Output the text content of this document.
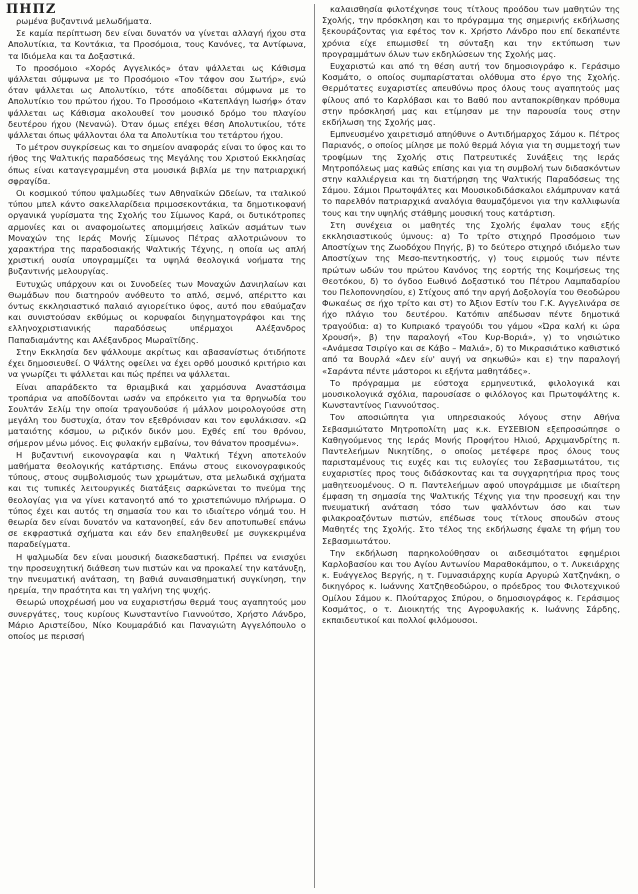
ΠΗΠΖ

ρωμένα βυζαντινά μελωδήματα.

Σε καμία περίπτωση δεν είναι δυνατόν να γίνεται αλλαγή ήχου στα Απολυτίκια, τα Κοντάκια, τα Προσόμοια, τους Κανόνες, τα Αντίφωνα, τα Ιδιόμελα και τα Δοξαστικά.

Το προσόμοιο «Χορός Αγγελικός» όταν ψάλλεται ως Κάθισμα ψάλλεται σύμφωνα με το Προσόμοιο «Τον τάφον σου Σωτήρ», ενώ όταν ψάλλεται ως Απολυτίκιο, τότε αποδίδεται σύμφωνα με το Απολυτίκιο του πρώτου ήχου. Το Προσόμοιο «Κατεπλάγη Ιωσήφ» όταν ψάλλεται ως Κάθισμα ακολουθεί τον μουσικό δρόμο του πλαγίου δευτέρου ήχου (Νενανώ). Όταν όμως επέχει θέση Απολυτικίου, τότε ψάλλεται όπως ψάλλονται όλα τα Απολυτίκια του τετάρτου ήχου.

Το μέτρον συγκρίσεως και το σημείον αναφοράς είναι το ύφος και το ήθος της Ψαλτικής παραδόσεως της Μεγάλης του Χριστού Εκκλησίας όπως είναι καταγεγραμμένη στα μουσικά βιβλία με την πατριαρχική σφραγίδα.

Οι κοσμικού τύπου ψαλμωδίες των Αθηναϊκών Ωδείων, τα ιταλικού τύπου μπελ κάντο σακελλαρίδεια πριμοσεκοντάκια, τα δημοτικοφανή οργανικά γυρίσματα της Σχολής του Σίμωνος Καρά, οι δυτικότροπες αρμονίες και οι αναφομοίωτες απομιμήσεις λαϊκών ασμάτων των Μοναχών της Ιεράς Μονής Σίμωνος Πέτρας αλλοτριώνουν το χαρακτήρα της παραδοσιακής Ψαλτικής Τέχνης, η οποία ως απλή χριστική ουσία υπογραμμίζει τα υψηλά θεολογικά νοήματα της βυζαντινής μελουργίας.

Ευτυχώς υπάρχουν και οι Συνοδείες των Μοναχών Δανιηλαίων και Θωμάδων που διατηρούν ανόθευτο το απλό, σεμνό, απέριττο και όντως εκκλησιαστικό παλαιό αγιορείτικο ύφος, αυτό που εθαύμαζαν και συνιστούσαν εκθύμως οι κορυφαίοι διηγηματογράφοι και της ελληνοχριστιανικής παραδόσεως υπέρμαχοι Αλέξανδρος Παπαδιαμάντης και Αλέξανδρος Μωραϊτίδης.

Στην Εκκλησία δεν ψάλλουμε ακρίτως και αβασανίστως ότιδήποτε έχει δημοσιευθεί. Ο Ψάλτης οφείλει να έχει ορθό μουσικό κριτήριο και να γνωρίζει τι ψάλλεται και πώς πρέπει να ψάλλεται.

Είναι απαράδεκτο τα θριαμβικά και χαρμόσυνα Αναστάσιμα τροπάρια να αποδίδονται ωσάν να επρόκειτο για τα θρηνωδία του Σουλτάν Σελίμ την οποία τραγουδούσε ή μάλλον μοιρολογούσε στη μεγάλη του δυστυχία, όταν τον εξεθρόνισαν και τον εφυλάκισαν. «Ω ματαιότης κόσμου, ω ριζικόν δικόν μου. Εχθές επί του θρόνου, σήμερον μένω μόνος. Εις φυλακήν εμβαίνω, τον θάνατον προσμένω».

Η βυζαντινή εικονογραφία και η Ψαλτική Τέχνη αποτελούν μαθήματα θεολογικής κατάρτισης. Επάνω στους εικονογραφικούς τύπους, στους συμβολισμούς των χρωμάτων, στα μελωδικά σχήματα και τις τυπικές λειτουργικές διατάξεις σαρκώνεται το πνεύμα της θεολογίας για να γίνει κατανοητό από το χριστεπώνυμο πλήρωμα. Ο τύπος έχει και αυτός τη σημασία του και το ιδιαίτερο νόημά του. Η θεωρία δεν είναι δυνατόν να κατανοηθεί, εάν δεν αποτυπωθεί επάνω σε εκφραστικά σχήματα και εάν δεν επαληθευθεί με συγκεκριμένα παραδείγματα.

Η ψαλμωδία δεν είναι μουσική διασκεδαστική. Πρέπει να ενισχύει την προσευχητική διάθεση των πιστών και να προκαλεί την κατάνυξη, την πνευματική ανάταση, τη βαθιά συναισθηματική συγκίνηση, την ηρεμία, την πραότητα και τη γαλήνη της ψυχής.

Θεωρώ υποχρέωσή μου να ευχαριστήσω θερμά τους αγαπητούς μου συνεργάτες, τους κυρίους Κωνσταντίνο Γιαννούτσο, Χρήστο Λάνδρο, Μάριο Αριστείδου, Νίκο Κουμαράδιό και Παναγιώτη Αγγελόπουλο ο οποίος με περισσή

καλαισθησία φιλοτέχνησε τους τίτλους προόδου των μαθητών της Σχολής, την πρόσκληση και το πρόγραμμα της σημερινής εκδήλωσης ξεκουράζοντας για εφέτος τον κ. Χρήστο Λάνδρο που επί δεκαπέντε χρόνια είχε επωμισθεί τη σύνταξη και την εκτύπωση των προγραμμάτων όλων των εκδηλώσεων της Σχολής μας.

Ευχαριστώ και από τη θέση αυτή τον δημοσιογράφο κ. Γεράσιμο Κοσμάτο, ο οποίος συμπαρίσταται ολόθυμα στο έργο της Σχολής. Θερμότατες ευχαριστίες απευθύνω προς όλους τους αγαπητούς μας φίλους από το Καρλόβασι και το Βαθύ που ανταποκρίθηκαν πρόθυμα στην πρόσκλησή μας και ετίμησαν με την παρουσία τους στην εκδήλωση της Σχολής μας.

Εμπνευσμένο χαιρετισμό απηύθυνε ο Αντιδήμαρχος Σάμου κ. Πέτρος Παριανός, ο οποίος μίλησε με πολύ θερμά λόγια για τη συμμετοχή των τροφίμων της Σχολής στις Πατρευτικές Συνάξεις της Ιεράς Μητροπόλεως μας καθώς επίσης και για τη συμβολή των διδασκόντων στην καλλιέργεια και τη διατήρηση της Ψαλτικής Παραδόσεως της Σάμου. Σάμιοι Πρωτοψάλτες και Μουσικοδιδάσκαλοι ελάμπρυναν κατά το παρελθόν πατριαρχικά αναλόγια θαυμαζόμενοι για την καλλιφωνία τους και την υψηλής στάθμης μουσική τους κατάρτιση.

Στη συνέχεια οι μαθητές της Σχολής έψαλαν τους εξής εκκλησιαστικούς ύμνους: α) Το τρίτο στιχηρό Προσόμοιο των Αποστίχων της Ζωοδόχου Πηγής, β) το δεύτερο στιχηρό ιδιόμελο των Αποστίχων της Μεσο-πεντηκοστής, γ) τους ειρμούς των πέντε πρώτων ωδών του πρώτου Κανόνος της εορτής της Κοιμήσεως της Θεοτόκου, δ) το όγδοο Εωθινό Δοξαστικό του Πέτρου Λαμπαδαρίου του Πελοποννησίου, ε) Στίχους από την αργή Δοξολογία του Θεοδώρου Φωκαέως σε ήχο τρίτο και στ) το Άξιον Εστίν του Γ.Κ. Αγγελινάρα σε ήχο πλάγιο του δευτέρου. Κατόπιν απέδωσαν πέντε δημοτικά τραγούδια: α) το Κυπριακό τραγούδι του γάμου «Ώρα καλή κι ώρα Χρουσή», β) την παραλογή «Του Κυρ-Βοριά», γ) το νησιώτικο «Ανάμεσα Τσιρίγο και σε Κάβο – Μαλιά», δ) το Μικρασιάτικο καθιστικό από τα Βουρλά «Δεν είν' αυγή να σηκωθώ» και ε) την παραλογή «Σαράντα πέντε μάστοροι κι εξήντα μαθητάδες».

Το πρόγραμμα με εύστοχα ερμηνευτικά, φιλολογικά και μουσικολογικά σχόλια, παρουσίασε ο φιλόλογος και Πρωτοψάλτης κ. Κωνσταντίνος Γιαννούτσος.

Τον αποσιώπητα για υπηρεσιακούς λόγους στην Αθήνα Σεβασμιώτατο Μητροπολίτη μας κ.κ. ΕΥΣΕΒΙΟΝ εξεπροσώπησε ο Καθηγούμενος της Ιεράς Μονής Προφήτου Ηλιού, Αρχιμανδρίτης π. Παντελεήμων Νικητίδης, ο οποίος μετέφερε προς όλους τους παρισταμένους τις ευχές και τις ευλογίες του Σεβασμιωτάτου, τις ευχαριστίες προς τους διδάσκοντας και τα συγχαρητήρια προς τους μαθητευομένους. Ο π. Παντελεήμων αφού υπογράμμισε με ιδιαίτερη έμφαση τη σημασία της Ψαλτικής Τέχνης για την προσευχή και την πνευματική ανάταση τόσο των ψαλλόντων όσο και των φιλακροαζόντων πιστών, επέδωσε τους τίτλους σπουδών στους Μαθητές της Σχολής. Στο τέλος της εκδήλωσης έψαλε τη φήμη του Σεβασμιωτάτου.

Την εκδήλωση παρηκολούθησαν οι αιδεσιμότατοι εφημέριοι Καρλοβασίου και του Αγίου Αντωνίου Μαραθοκάμπου, ο τ. Λυκειάρχης κ. Ευάγγελος Βεργής, η τ. Γυμνασιάρχης κυρία Αργυρώ Χατζηνάκη, ο δικηγόρος κ. Ιωάννης Χατζηθεοδώρου, ο πρόεδρος του Φιλοτεχνικού Ομίλου Σάμου κ. Πλούταρχος Σπύρου, ο δημοσιογράφος κ. Γεράσιμος Κοσμάτος, ο τ. Διοικητής της Αγροφυλακής κ. Ιωάννης Σάρδης, εκπαιδευτικοί και πολλοί φιλόμουσοι.
